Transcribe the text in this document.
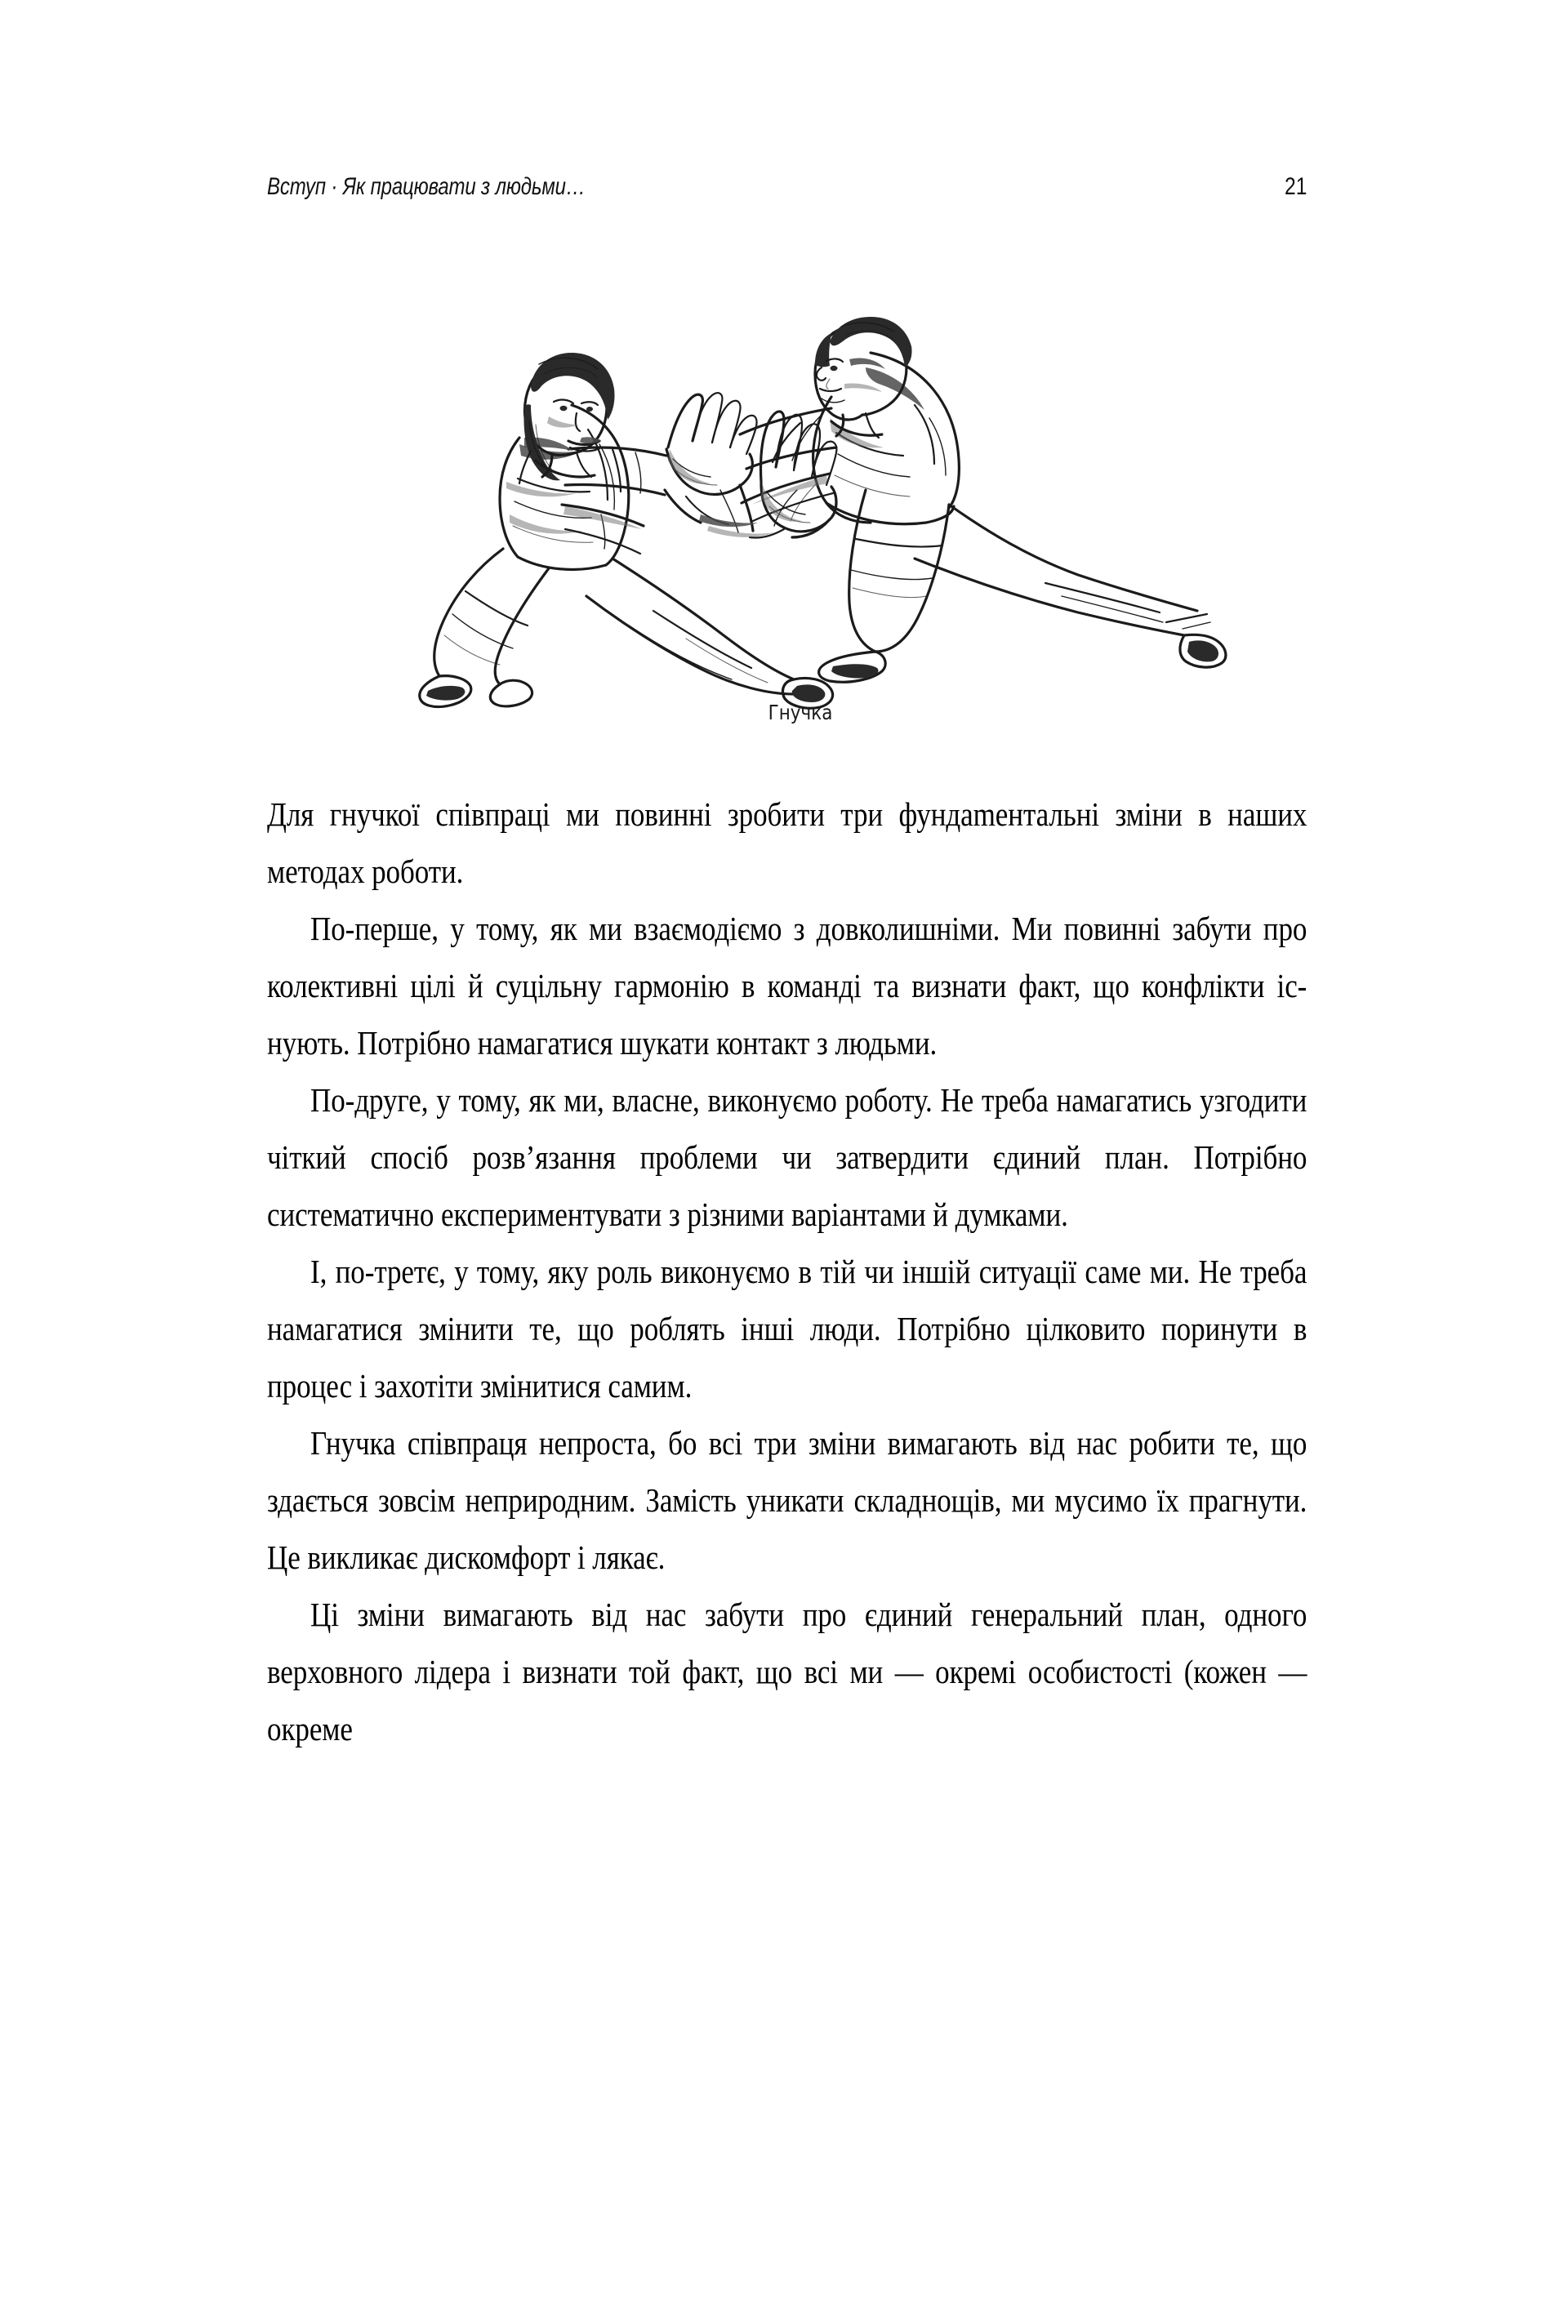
Вступ · Як працювати з людьми…	21
Гнучка

Для гнучкої співпраці ми повинні зробити три фундаmентальні зміни в наших методах роботи.

По-перше, у тому, як ми взаємодіємо з довколишніми. Ми повинні забути про колективні цілі й суцільну гармонію в команді та визнати факт, що конфлікти існують. Потрібно намагатися шукати контакт з людьми.

По-друге, у тому, як ми, власне, виконуємо роботу. Не треба намагатись узгодити чіткий спосіб розв’язання проблеми чи затвердити єдиний план. Потрібно систематично експериментувати з різними варіантами й думками.

І, по-третє, у тому, яку роль виконуємо в тій чи іншій ситуації саме ми. Не треба намагатися змінити те, що роблять інші люди. Потрібно цілковито поринути в процес і захотіти змінитися самим.

Гнучка співпраця непроста, бо всі три зміни вимагають від нас робити те, що здається зовсім неприродним. Замість уникати складнощів, ми мусимо їх прагнути. Це викликає дискомфорт і лякає.

Ці зміни вимагають від нас забути про єдиний генеральний план, одного верховного лідера і визнати той факт, що всі ми — окремі особистості (кожен — окреме
